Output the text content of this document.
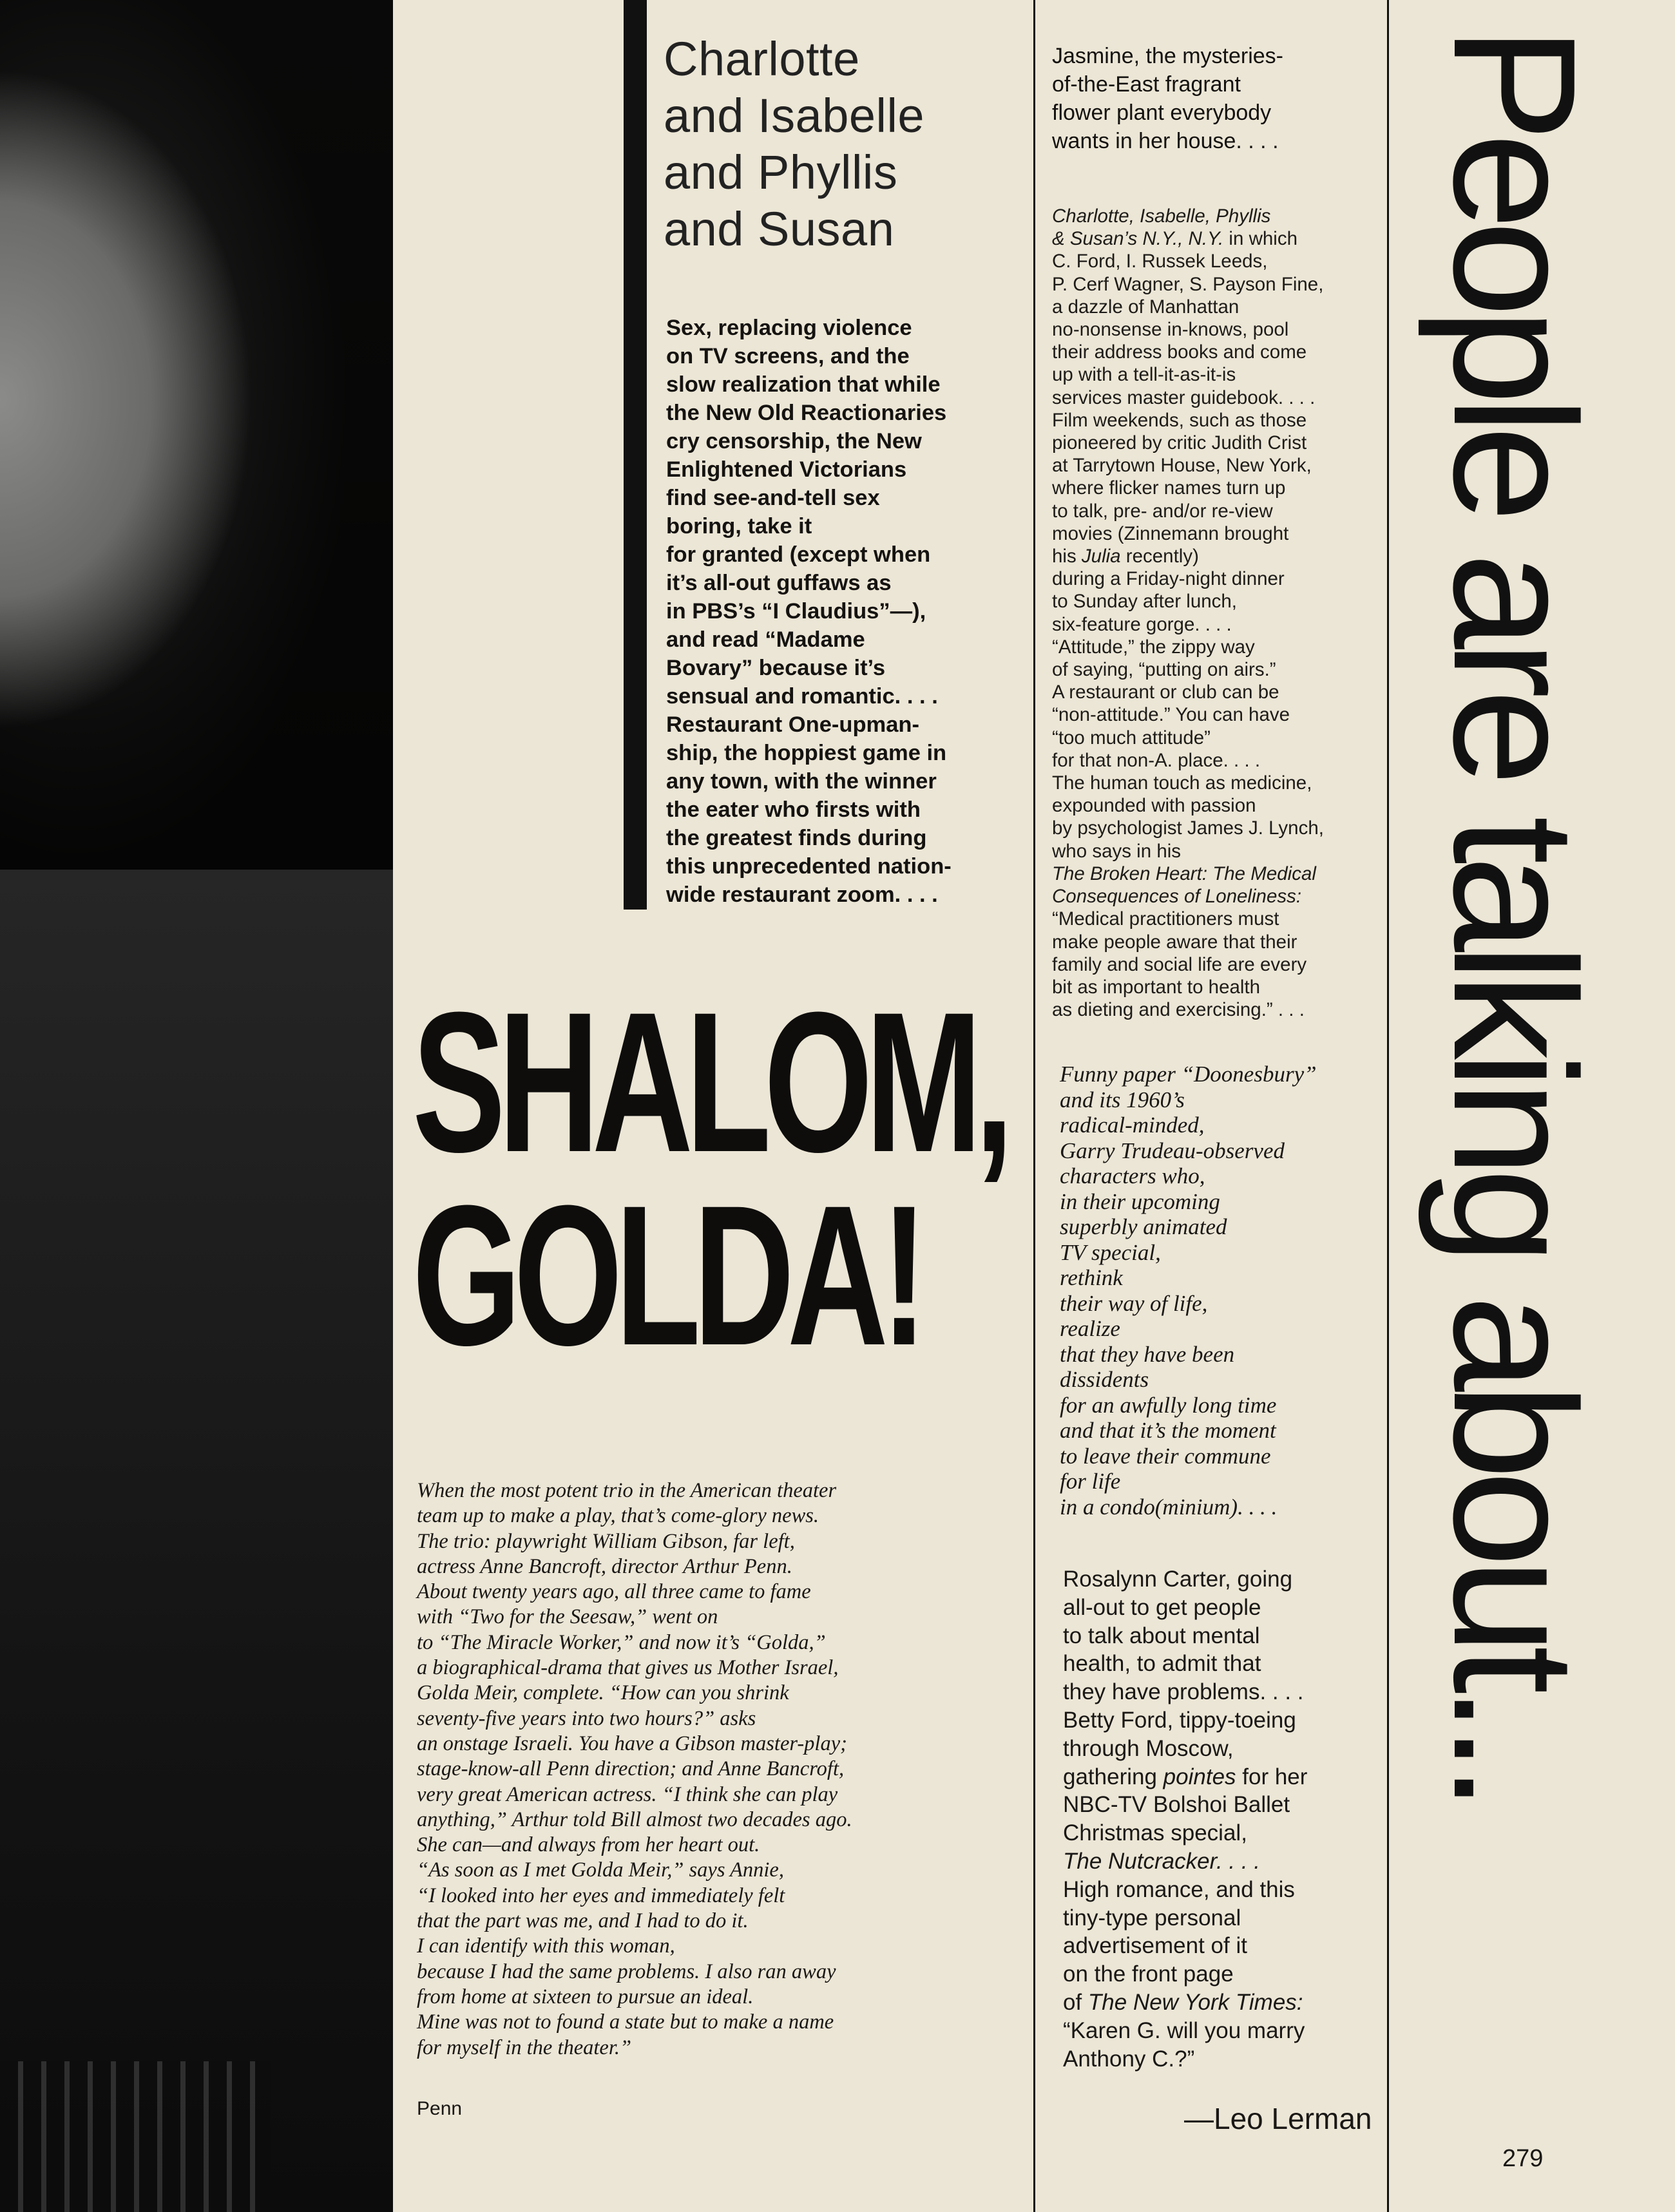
Charlotte
and Isabelle
and Phyllis
and Susan
Sex, replacing violence
on TV screens, and the
slow realization that while
the New Old Reactionaries
cry censorship, the New
Enlightened Victorians
find see-and-tell sex
boring, take it
for granted (except when
it’s all-out guffaws as
in PBS’s “I Claudius”—),
and read “Madame
Bovary” because it’s
sensual and romantic. . . .
Restaurant One-upman-
ship, the hoppiest game in
any town, with the winner
the eater who firsts with
the greatest finds during
this unprecedented nation-
wide restaurant zoom. . . .
SHALOM,
GOLDA!
When the most potent trio in the American theater
team up to make a play, that’s come-glory news.
The trio: playwright William Gibson, far left,
actress Anne Bancroft, director Arthur Penn.
About twenty years ago, all three came to fame
with “Two for the Seesaw,” went on
to “The Miracle Worker,” and now it’s “Golda,”
a biographical-drama that gives us Mother Israel,
Golda Meir, complete. “How can you shrink
seventy-five years into two hours?” asks
an onstage Israeli. You have a Gibson master-play;
stage-know-all Penn direction; and Anne Bancroft,
very great American actress. “I think she can play
anything,” Arthur told Bill almost two decades ago.
She can—and always from her heart out.
“As soon as I met Golda Meir,” says Annie,
“I looked into her eyes and immediately felt
that the part was me, and I had to do it.
I can identify with this woman,
because I had the same problems. I also ran away
from home at sixteen to pursue an ideal.
Mine was not to found a state but to make a name
for myself in the theater.”
Penn
Jasmine, the mysteries-
of-the-East fragrant
flower plant everybody
wants in her house. . . .
Charlotte, Isabelle, Phyllis
& Susan’s N.Y., N.Y. in which
C. Ford, I. Russek Leeds,
P. Cerf Wagner, S. Payson Fine,
a dazzle of Manhattan
no-nonsense in-knows, pool
their address books and come
up with a tell-it-as-it-is
services master guidebook. . . .
Film weekends, such as those
pioneered by critic Judith Crist
at Tarrytown House, New York,
where flicker names turn up
to talk, pre- and/or re-view
movies (Zinnemann brought
his Julia recently)
during a Friday-night dinner
to Sunday after lunch,
six-feature gorge. . . .
“Attitude,” the zippy way
of saying, “putting on airs.”
A restaurant or club can be
“non-attitude.” You can have
“too much attitude”
for that non-A. place. . . .
The human touch as medicine,
expounded with passion
by psychologist James J. Lynch,
who says in his
The Broken Heart: The Medical
Consequences of Loneliness:
“Medical practitioners must
make people aware that their
family and social life are every
bit as important to health
as dieting and exercising.” . . .
Funny paper “Doonesbury”
and its 1960’s
radical-minded,
Garry Trudeau-observed
characters who,
in their upcoming
superbly animated
TV special,
rethink
their way of life,
realize
that they have been
dissidents
for an awfully long time
and that it’s the moment
to leave their commune
for life
in a condo(minium). . . .
Rosalynn Carter, going
all-out to get people
to talk about mental
health, to admit that
they have problems. . . .
Betty Ford, tippy-toeing
through Moscow,
gathering pointes for her
NBC-TV Bolshoi Ballet
Christmas special,
The Nutcracker. . . .
High romance, and this
tiny-type personal
advertisement of it
on the front page
of The New York Times:
“Karen G. will you marry
Anthony C.?”
—Leo Lerman
279
People are talking about...
